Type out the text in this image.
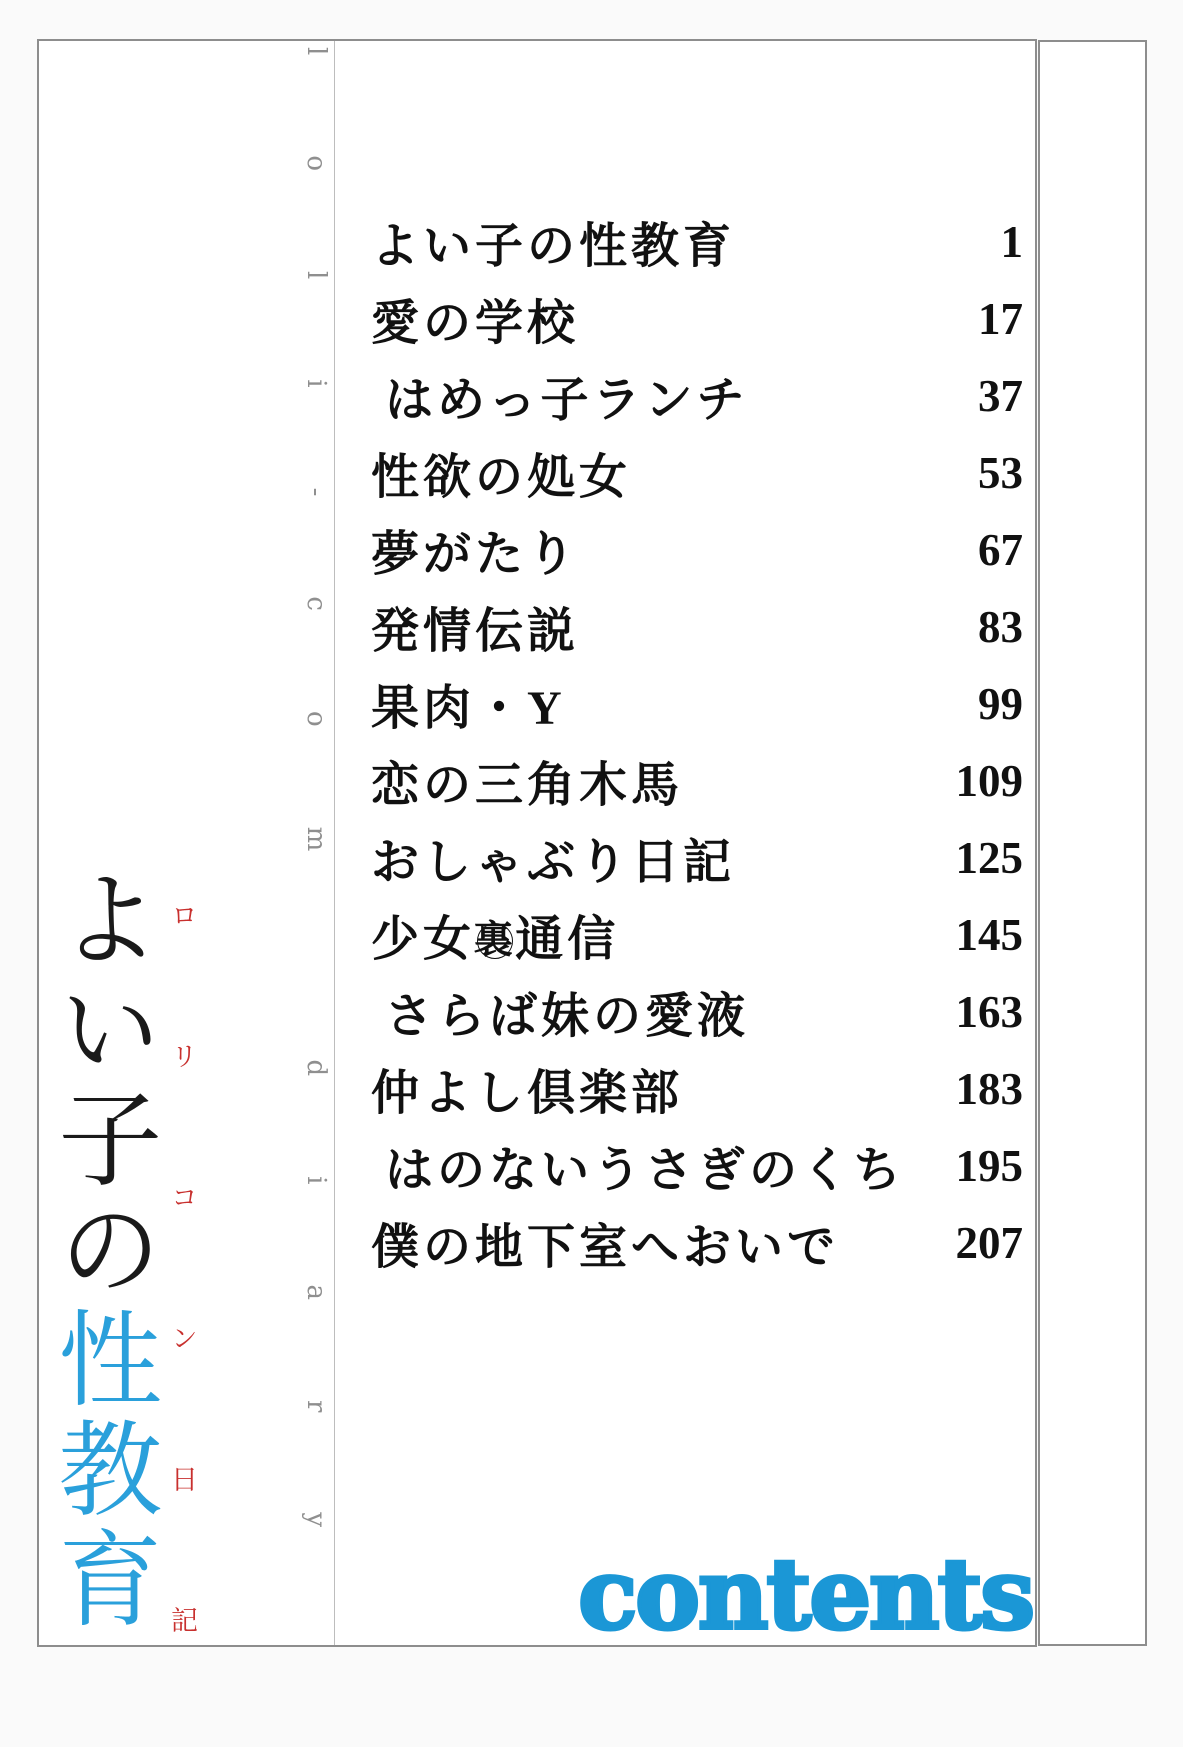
loli-com diary
よい子の性教育 ロリコン日記
よい子の性教育	1
愛の学校	17
はめっ子ランチ	37
性欲の処女	53
夢がたり	67
発情伝説	83
果肉・Y	99
恋の三角木馬	109
おしゃぶり日記	125
少女裏通信	145
さらば妹の愛液	163
仲よし倶楽部	183
はのないうさぎのくち 195
僕の地下室へおいで	207
contents
